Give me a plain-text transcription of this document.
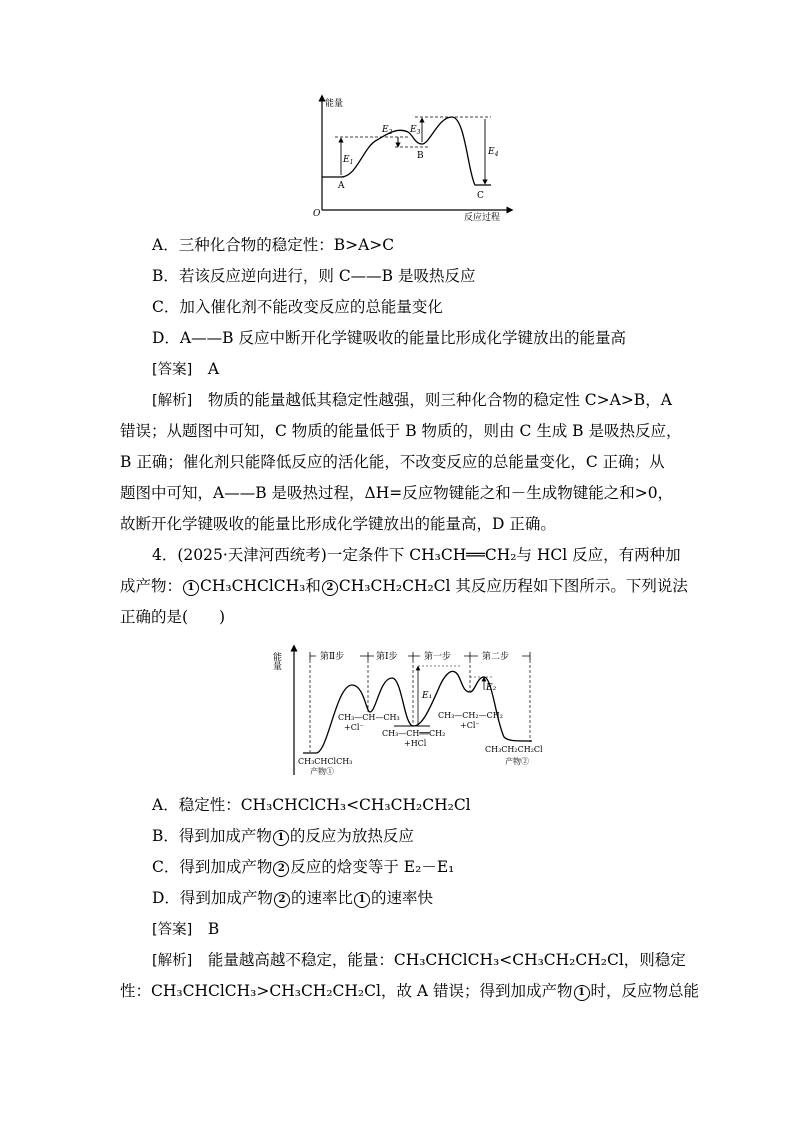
能量
反应过程
O
A
B
C
$E_1$
$E_2$ $E_3$
$E_4$
A．三种化合物的稳定性：B>A>C
B．若该反应逆向进行，则 C——B 是吸热反应
C．加入催化剂不能改变反应的总能量变化
D．A——B 反应中断开化学键吸收的能量比形成化学键放出的能量高
[答案]　 A
[解析]　 物质的能量越低其稳定性越强，则三种化合物的稳定性 C>A>B，A
错误；从题图中可知，C 物质的能量低于 B 物质的，则由 C 生成 B 是吸热反应，
B 正确；催化剂只能降低反应的活化能，不改变反应的总能量变化，C 正确；从
题图中可知，A——B 是吸热过程，ΔH=反应物键能之和－生成物键能之和>0，
故断开化学键吸收的能量比形成化学键放出的能量高，D 正确。
4．(2025·天津河西统考)一定条件下 CH₃CH══CH₂与 HCl 反应，有两种加
成产物： 1 CH₃CHClCH₃和 2 CH₃CH₂CH₂Cl 其反应历程如下图所示。下列说法
正确的是(　　)
能量	第Ⅱ步	第Ⅰ步	第一步	第二步
E₁
E₂
CH₃—CH—CH₃ +Cl⁻
CH₃—CH₂—CH₂ +Cl⁻
CH₃—CH══CH₂ +HCl
CH₃CHClCH₃ 产物①
CH₃CH₂CH₂Cl 产物②
A．稳定性：CH₃CHClCH₃<CH₃CH₂CH₂Cl
B．得到加成产物 1 的反应为放热反应
C．得到加成产物 2 反应的焓变等于 E₂－E₁
D．得到加成产物 2 的速率比 1 的速率快
[答案]　 B
[解析]　 能量越高越不稳定，能量：CH₃CHClCH₃<CH₃CH₂CH₂Cl，则稳定
性：CH₃CHClCH₃>CH₃CH₂CH₂Cl，故 A 错误；得到加成产物 1 时，反应物总能
